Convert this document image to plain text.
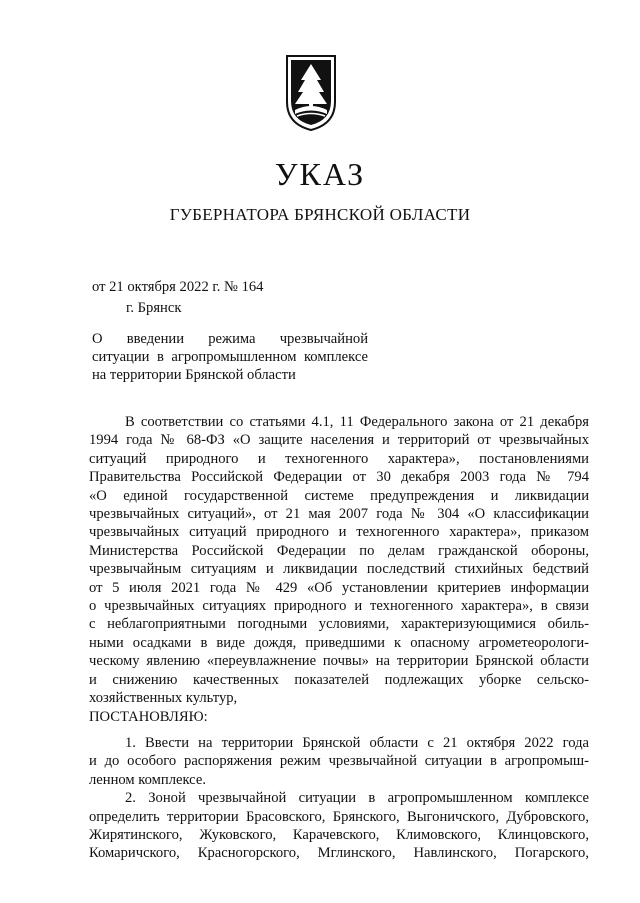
УКАЗ
ГУБЕРНАТОРА БРЯНСКОЙ ОБЛАСТИ
от 21 октября 2022 г. № 164
г. Брянск
О введении режима чрезвычайной
ситуации в агропромышленном комплексе
на территории Брянской области
В соответствии со статьями 4.1, 11 Федерального закона от 21 декабря
1994 года № 68-ФЗ «О защите населения и территорий от чрезвычайных
ситуаций природного и техногенного характера», постановлениями
Правительства Российской Федерации от 30 декабря 2003 года № 794
«О единой государственной системе предупреждения и ликвидации
чрезвычайных ситуаций», от 21 мая 2007 года № 304 «О классификации
чрезвычайных ситуаций природного и техногенного характера», приказом
Министерства Российской Федерации по делам гражданской обороны,
чрезвычайным ситуациям и ликвидации последствий стихийных бедствий
от 5 июля 2021 года № 429 «Об установлении критериев информации
о чрезвычайных ситуациях природного и техногенного характера», в связи
с неблагоприятными погодными условиями, характеризующимися обиль-
ными осадками в виде дождя, приведшими к опасному агрометеорологи-
ческому явлению «переувлажнение почвы» на территории Брянской области
и снижению качественных показателей подлежащих уборке сельско-
хозяйственных культур,
ПОСТАНОВЛЯЮ:
1. Ввести на территории Брянской области с 21 октября 2022 года
и до особого распоряжения режим чрезвычайной ситуации в агропромыш-
ленном комплексе.
2. Зоной чрезвычайной ситуации в агропромышленном комплексе
определить территории Брасовского, Брянского, Выгоничского, Дубровского,
Жирятинского, Жуковского, Карачевского, Климовского, Клинцовского,
Комаричского, Красногорского, Мглинского, Навлинского, Погарского,
